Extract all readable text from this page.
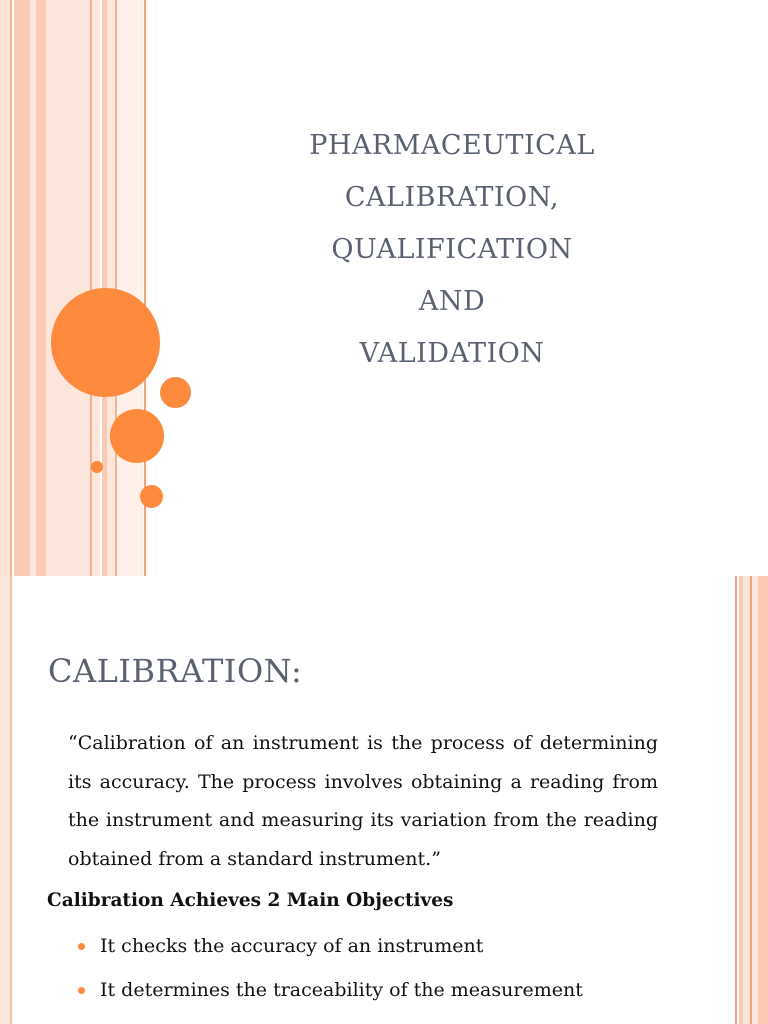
PHARMACEUTICAL
CALIBRATION,
QUALIFICATION
AND
VALIDATION
CALIBRATION:

“Calibration of an instrument is the process of determining its accuracy. The process involves obtaining a reading from the instrument and measuring its variation from the reading obtained from a standard instrument.”

Calibration Achieves 2 Main Objectives
It checks the accuracy of an instrument
It determines the traceability of the measurement
